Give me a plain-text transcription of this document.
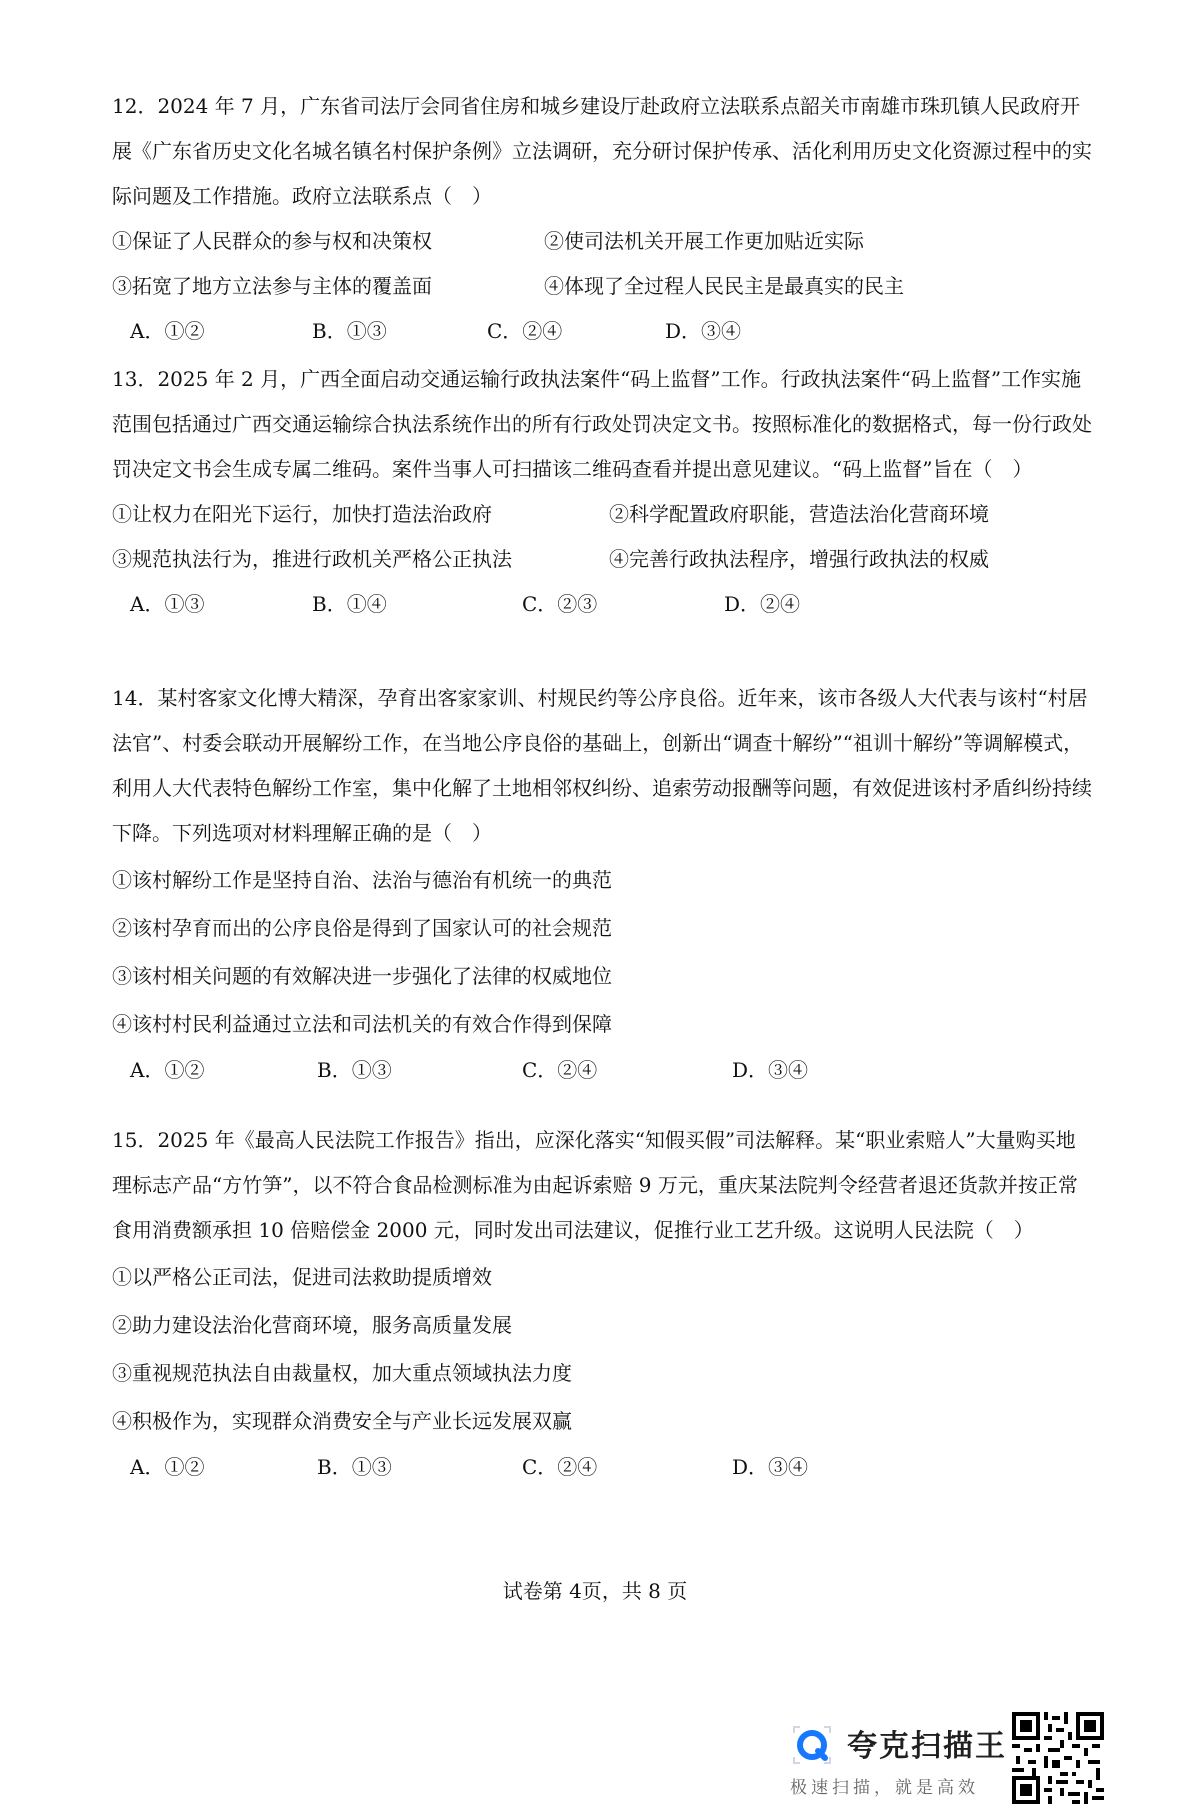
12．2024 年 7 月，广东省司法厅会同省住房和城乡建设厅赴政府立法联系点韶关市南雄市珠玑镇人民政府开展《广东省历史文化名城名镇名村保护条例》立法调研，充分研讨保护传承、活化利用历史文化资源过程中的实际问题及工作措施。政府立法联系点（　）

①保证了人民群众的参与权和决策权	②使司法机关开展工作更加贴近实际
③拓宽了地方立法参与主体的覆盖面	④体现了全过程人民民主是最真实的民主
A．①②	B．①③	C．②④	D．③④

13．2025 年 2 月，广西全面启动交通运输行政执法案件“码上监督”工作。行政执法案件“码上监督”工作实施范围包括通过广西交通运输综合执法系统作出的所有行政处罚决定文书。按照标准化的数据格式，每一份行政处罚决定文书会生成专属二维码。案件当事人可扫描该二维码查看并提出意见建议。“码上监督”旨在（　）

①让权力在阳光下运行，加快打造法治政府	②科学配置政府职能，营造法治化营商环境
③规范执法行为，推进行政机关严格公正执法	④完善行政执法程序，增强行政执法的权威
A．①③	B．①④	C．②③	D．②④

14．某村客家文化博大精深，孕育出客家家训、村规民约等公序良俗。近年来，该市各级人大代表与该村“村居法官”、村委会联动开展解纷工作，在当地公序良俗的基础上，创新出“调查十解纷”“祖训十解纷”等调解模式，利用人大代表特色解纷工作室，集中化解了土地相邻权纠纷、追索劳动报酬等问题，有效促进该村矛盾纠纷持续下降。下列选项对材料理解正确的是（　）

①该村解纷工作是坚持自治、法治与德治有机统一的典范
②该村孕育而出的公序良俗是得到了国家认可的社会规范
③该村相关问题的有效解决进一步强化了法律的权威地位
④该村村民利益通过立法和司法机关的有效合作得到保障
A．①②	B．①③	C．②④	D．③④

15．2025 年《最高人民法院工作报告》指出，应深化落实“知假买假”司法解释。某“职业索赔人”大量购买地理标志产品“方竹笋”，以不符合食品检测标准为由起诉索赔 9 万元，重庆某法院判令经营者退还货款并按正常食用消费额承担 10 倍赔偿金 2000 元，同时发出司法建议，促推行业工艺升级。这说明人民法院（　）

①以严格公正司法，促进司法救助提质增效
②助力建设法治化营商环境，服务高质量发展
③重视规范执法自由裁量权，加大重点领域执法力度
④积极作为，实现群众消费安全与产业长远发展双赢
A．①②	B．①③	C．②④	D．③④
试卷第 4页，共 8 页
夸克扫描王
极速扫描，就是高效
